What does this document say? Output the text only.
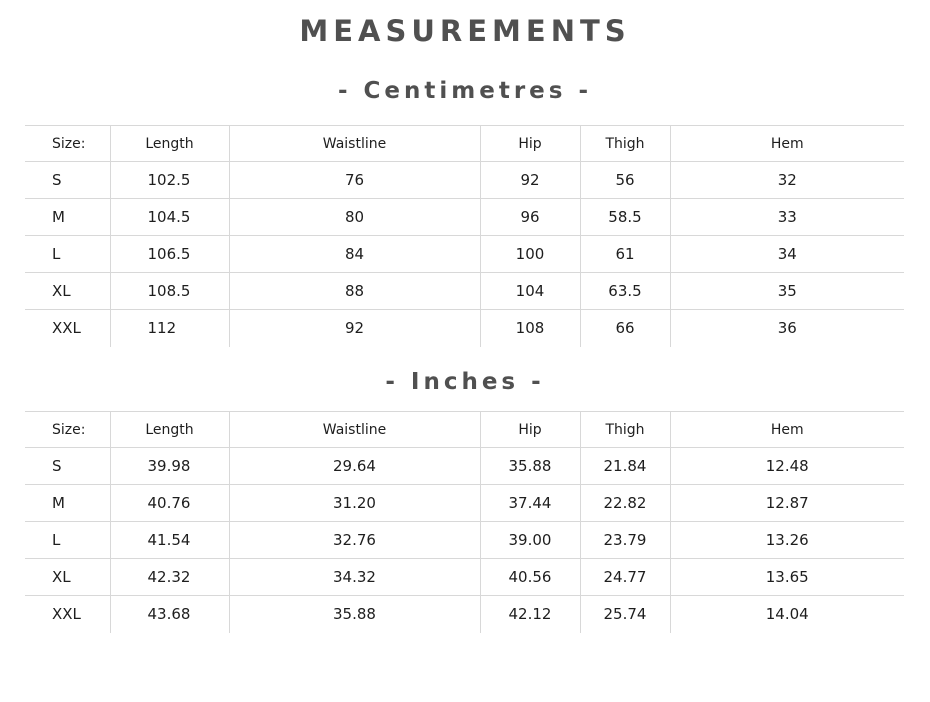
MEASUREMENTS
- Centimetres -
Size:	Length	Waistline	Hip	Thigh	Hem
S	102.5	76	92	56	32
M	104.5	80	96	58.5	33
L	106.5	84	100	61	34
XL	108.5	88	104	63.5	35
XXL	112	92	108	66	36
- Inches -
Size:	Length	Waistline	Hip	Thigh	Hem
S	39.98	29.64	35.88	21.84	12.48
M	40.76	31.20	37.44	22.82	12.87
L	41.54	32.76	39.00	23.79	13.26
XL	42.32	34.32	40.56	24.77	13.65
XXL	43.68	35.88	42.12	25.74	14.04
